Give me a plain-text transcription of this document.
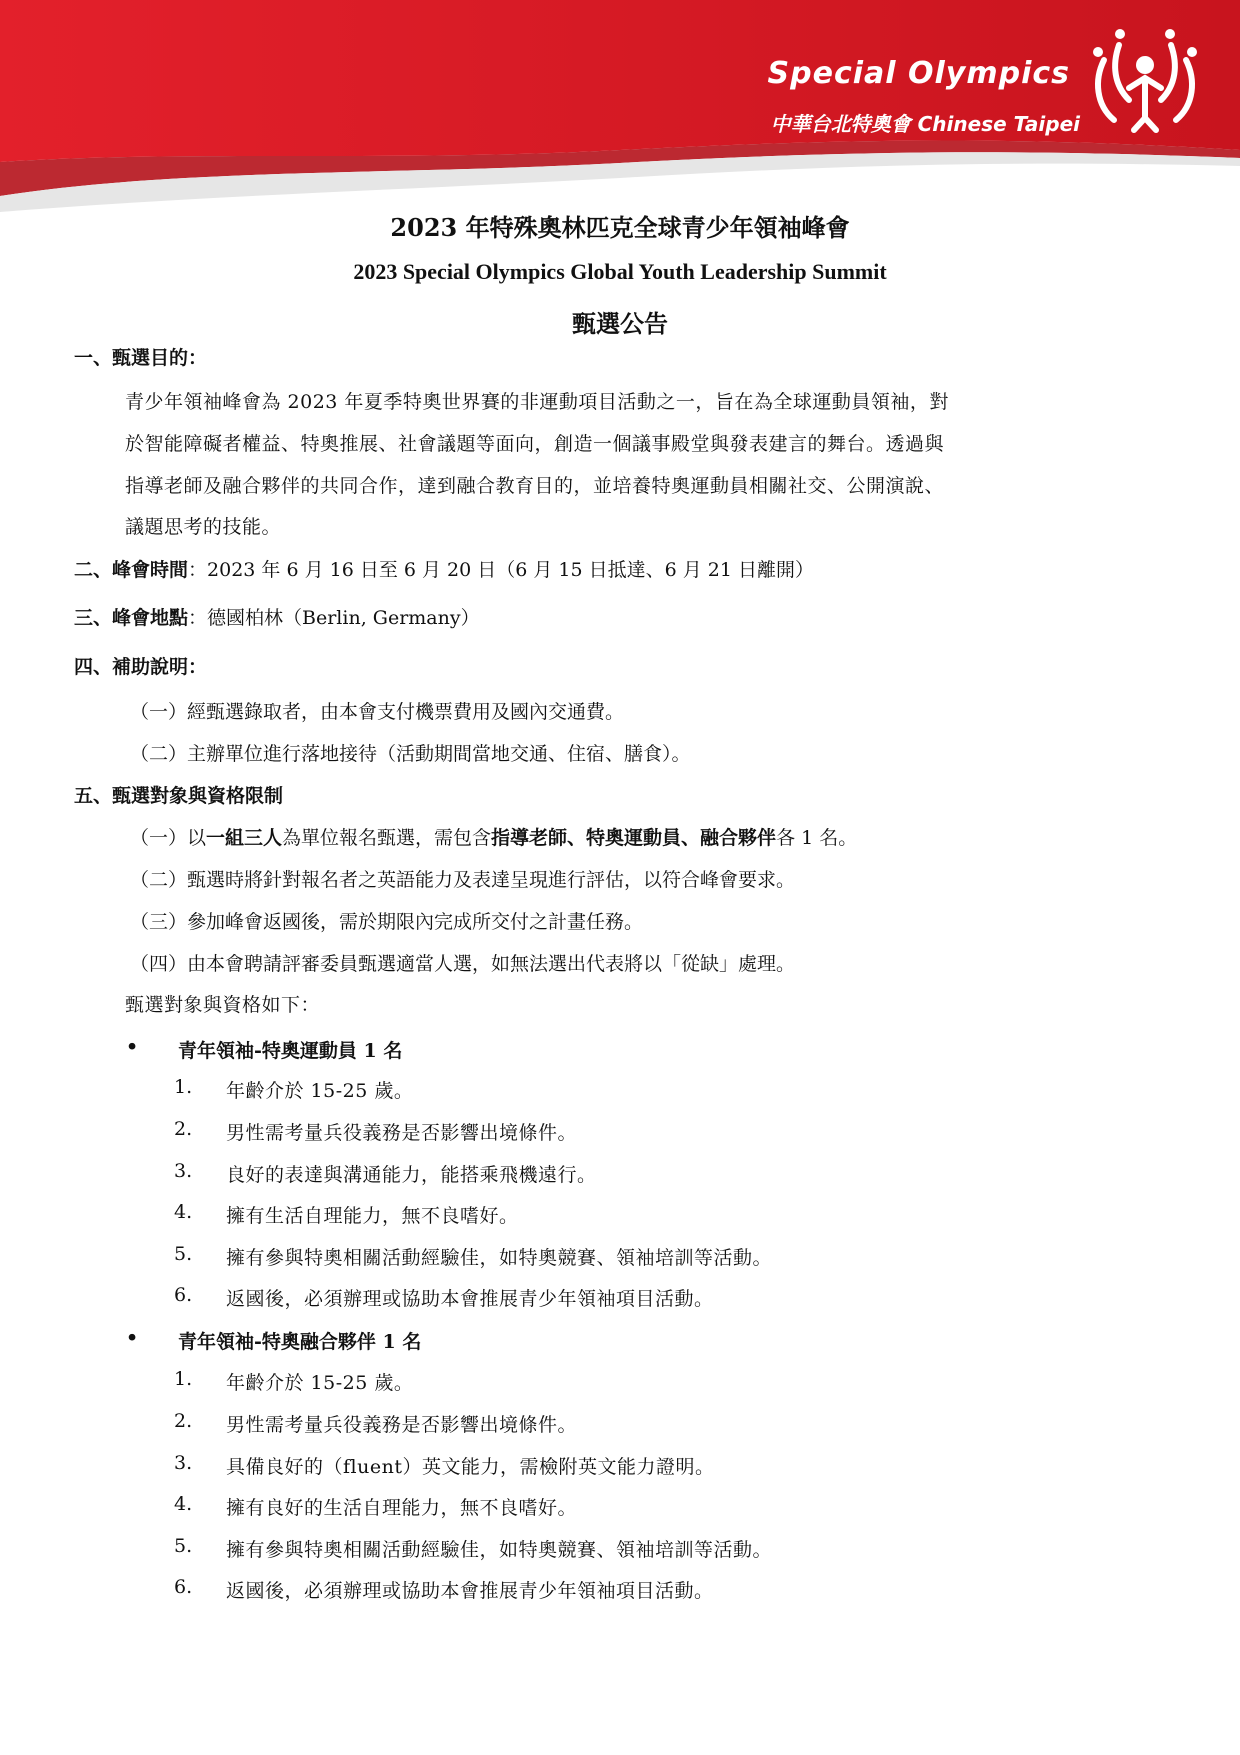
Special Olympics
中華台北特奧會 Chinese Taipei
2023 年特殊奧林匹克全球青少年領袖峰會
2023 Special Olympics Global Youth Leadership Summit
甄選公告
一、甄選目的：
青少年領袖峰會為 2023 年夏季特奧世界賽的非運動項目活動之一，旨在為全球運動員領袖，對
於智能障礙者權益、特奧推展、社會議題等面向，創造一個議事殿堂與發表建言的舞台。透過與
指導老師及融合夥伴的共同合作，達到融合教育目的，並培養特奧運動員相關社交、公開演說、
議題思考的技能。
二、峰會時間：2023 年 6 月 16 日至 6 月 20 日（6 月 15 日抵達、6 月 21 日離開）
三、峰會地點：德國柏林（Berlin, Germany）
四、補助說明：
（一）經甄選錄取者，由本會支付機票費用及國內交通費。
（二）主辦單位進行落地接待（活動期間當地交通、住宿、膳食）。
五、甄選對象與資格限制
（一）以一組三人為單位報名甄選，需包含指導老師、特奧運動員、融合夥伴各 1 名。
（二）甄選時將針對報名者之英語能力及表達呈現進行評估，以符合峰會要求。
（三）參加峰會返國後，需於期限內完成所交付之計畫任務。
（四）由本會聘請評審委員甄選適當人選，如無法選出代表將以「從缺」處理。
甄選對象與資格如下：
• 青年領袖-特奧運動員 1 名
1. 年齡介於 15-25 歲。
2. 男性需考量兵役義務是否影響出境條件。
3. 良好的表達與溝通能力，能搭乘飛機遠行。
4. 擁有生活自理能力，無不良嗜好。
5. 擁有參與特奧相關活動經驗佳，如特奧競賽、領袖培訓等活動。
6. 返國後，必須辦理或協助本會推展青少年領袖項目活動。
• 青年領袖-特奧融合夥伴 1 名
1. 年齡介於 15-25 歲。
2. 男性需考量兵役義務是否影響出境條件。
3. 具備良好的（fluent）英文能力，需檢附英文能力證明。
4. 擁有良好的生活自理能力，無不良嗜好。
5. 擁有參與特奧相關活動經驗佳，如特奧競賽、領袖培訓等活動。
6. 返國後，必須辦理或協助本會推展青少年領袖項目活動。
